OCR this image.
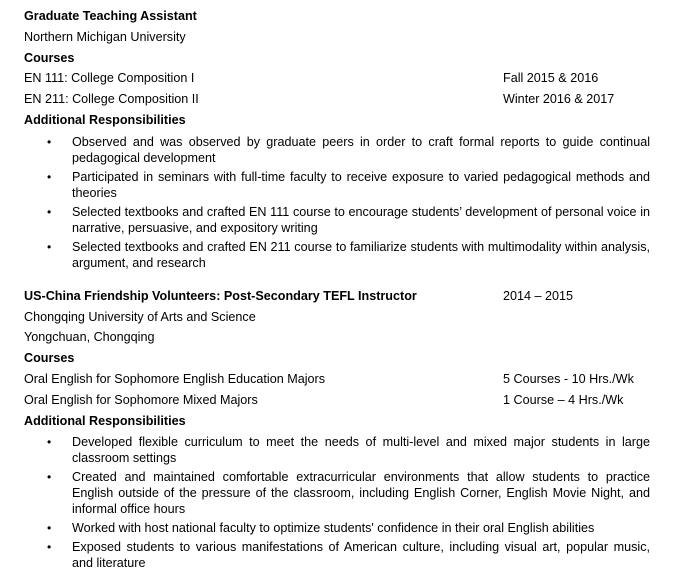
Graduate Teaching Assistant
Northern Michigan University
Courses
EN 111: College Composition I	Fall 2015 & 2016
EN 211: College Composition II	Winter 2016 & 2017
Additional Responsibilities
• Observed and was observed by graduate peers in order to craft formal reports to guide continual pedagogical development
• Participated in seminars with full-time faculty to receive exposure to varied pedagogical methods and theories
• Selected textbooks and crafted EN 111 course to encourage students’ development of personal voice in narrative, persuasive, and expository writing
• Selected textbooks and crafted EN 211 course to familiarize students with multimodality within analysis, argument, and research
US-China Friendship Volunteers: Post-Secondary TEFL Instructor	2014 – 2015
Chongqing University of Arts and Science
Yongchuan, Chongqing
Courses
Oral English for Sophomore English Education Majors	5 Courses - 10 Hrs./Wk
Oral English for Sophomore Mixed Majors	1 Course – 4 Hrs./Wk
Additional Responsibilities
• Developed flexible curriculum to meet the needs of multi-level and mixed major students in large classroom settings
• Created and maintained comfortable extracurricular environments that allow students to practice English outside of the pressure of the classroom, including English Corner, English Movie Night, and informal office hours
• Worked with host national faculty to optimize students' confidence in their oral English abilities
• Exposed students to various manifestations of American culture, including visual art, popular music, and literature
